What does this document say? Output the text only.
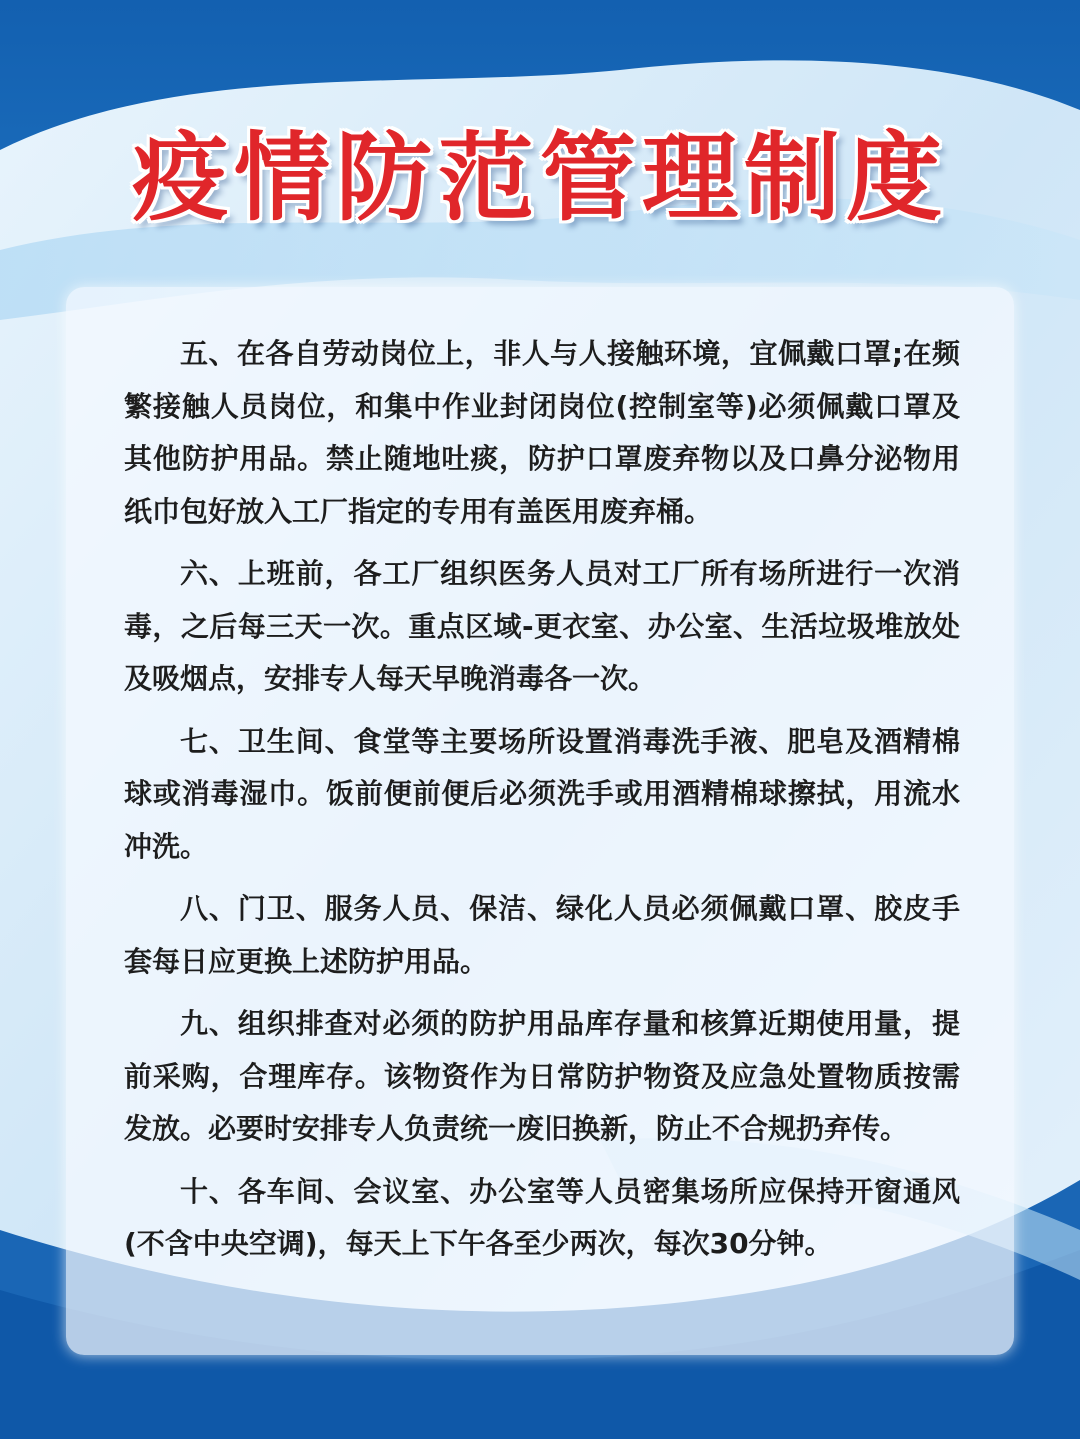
疫情防范管理制度

五、在各自劳动岗位上，非人与人接触环境，宜佩戴口罩;在频繁接触人员岗位，和集中作业封闭岗位(控制室等)必须佩戴口罩及其他防护用品。禁止随地吐痰，防护口罩废弃物以及口鼻分泌物用纸巾包好放入工厂指定的专用有盖医用废弃桶。

六、上班前，各工厂组织医务人员对工厂所有场所进行一次消毒，之后每三天一次。重点区域-更衣室、办公室、生活垃圾堆放处及吸烟点，安排专人每天早晚消毒各一次。

七、卫生间、食堂等主要场所设置消毒洗手液、肥皂及酒精棉球或消毒湿巾。饭前便前便后必须洗手或用酒精棉球擦拭，用流水冲洗。

八、门卫、服务人员、保洁、绿化人员必须佩戴口罩、胶皮手套每日应更换上述防护用品。

九、组织排查对必须的防护用品库存量和核算近期使用量，提前采购，合理库存。该物资作为日常防护物资及应急处置物质按需发放。必要时安排专人负责统一废旧换新，防止不合规扔弃传。

十、各车间、会议室、办公室等人员密集场所应保持开窗通风(不含中央空调)，每天上下午各至少两次，每次30分钟。
